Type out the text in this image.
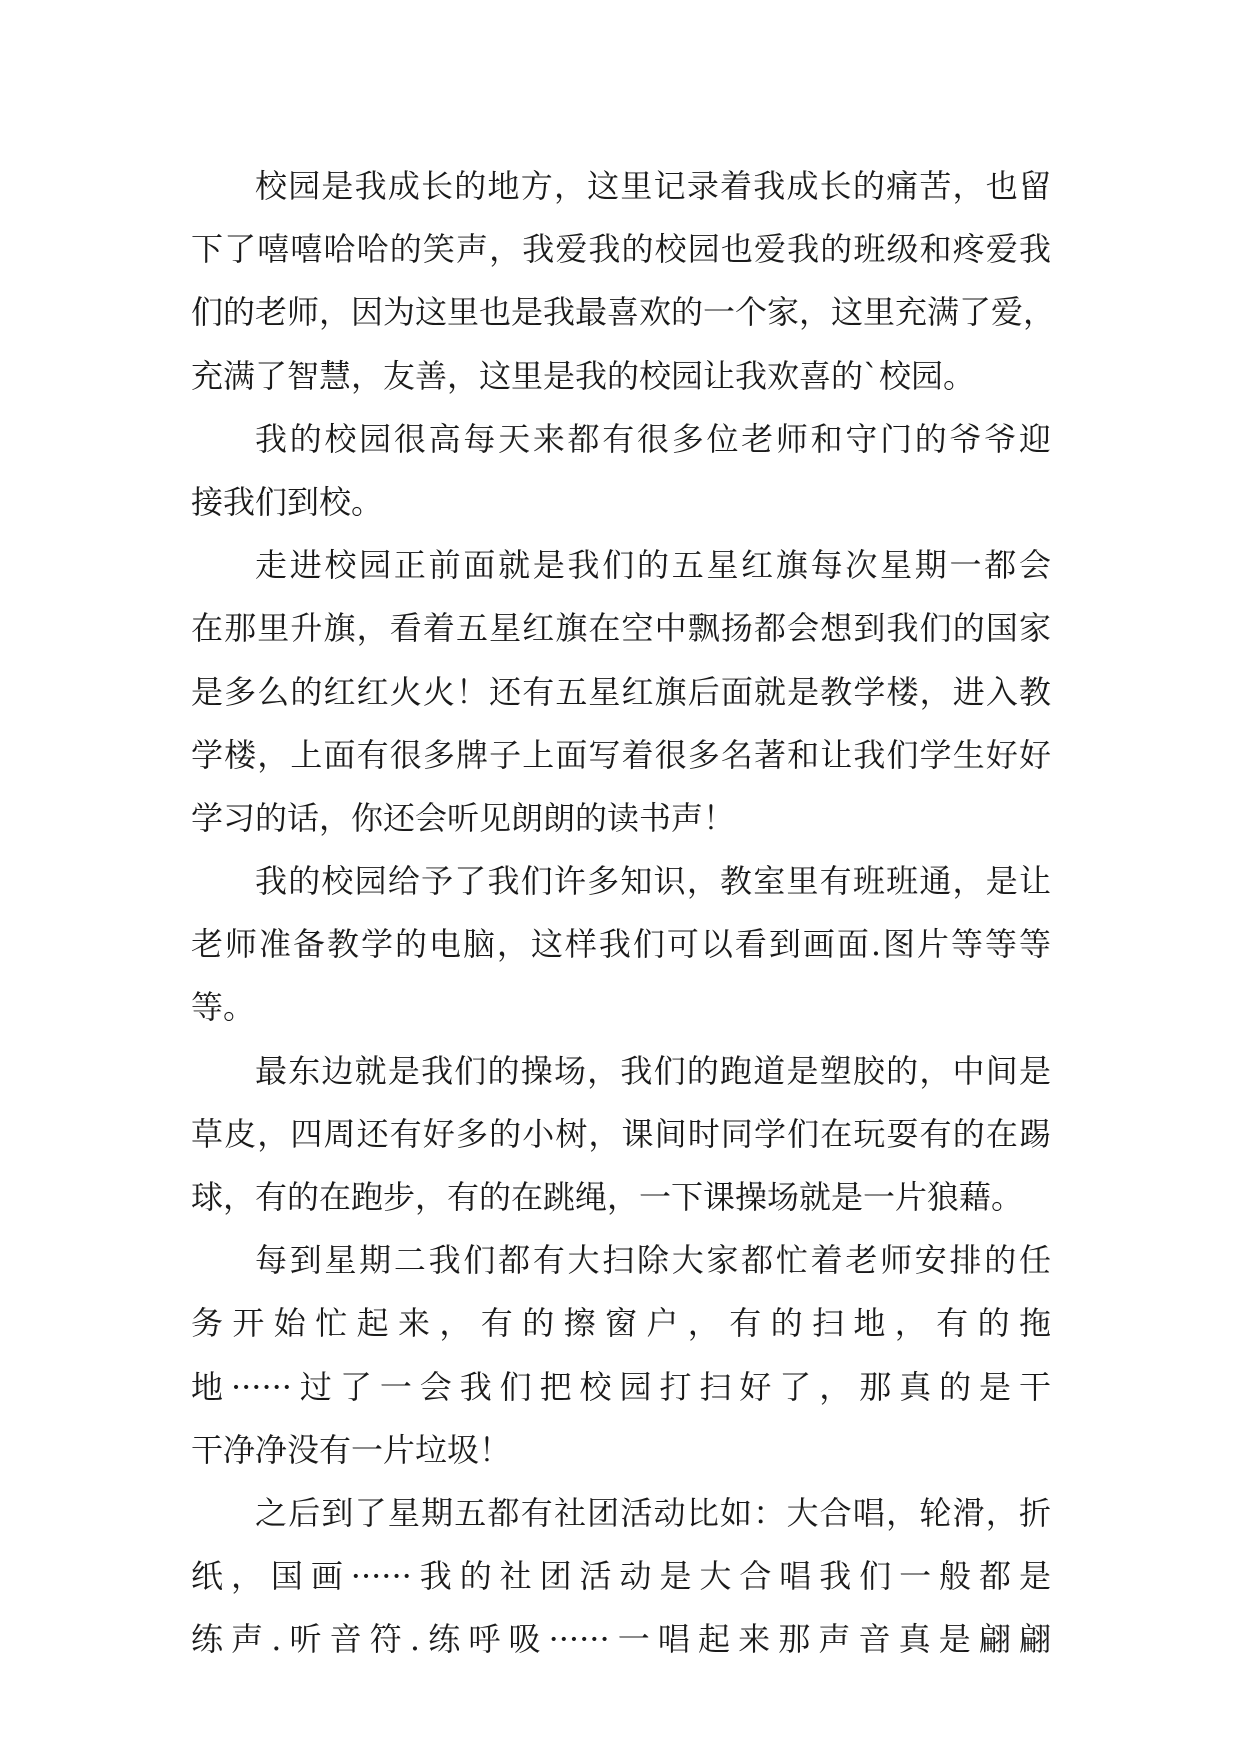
校园是我成长的地方，这里记录着我成长的痛苦，也留
下了嘻嘻哈哈的笑声，我爱我的校园也爱我的班级和疼爱我
们的老师，因为这里也是我最喜欢的一个家，这里充满了爱，
充满了智慧，友善，这里是我的校园让我欢喜的`校园。
我的校园很高每天来都有很多位老师和守门的爷爷迎
接我们到校。
走进校园正前面就是我们的五星红旗每次星期一都会
在那里升旗，看着五星红旗在空中飘扬都会想到我们的国家
是多么的红红火火！还有五星红旗后面就是教学楼，进入教
学楼，上面有很多牌子上面写着很多名著和让我们学生好好
学习的话，你还会听见朗朗的读书声！
我的校园给予了我们许多知识，教室里有班班通，是让
老师准备教学的电脑，这样我们可以看到画面.图片等等等
等。
最东边就是我们的操场，我们的跑道是塑胶的，中间是
草皮，四周还有好多的小树，课间时同学们在玩耍有的在踢
球，有的在跑步，有的在跳绳，一下课操场就是一片狼藉。
每到星期二我们都有大扫除大家都忙着老师安排的任
务开始忙起来，有的擦窗户，有的扫地，有的拖
地······过了一会我们把校园打扫好了，那真的是干
干净净没有一片垃圾！
之后到了星期五都有社团活动比如：大合唱，轮滑，折
纸，国画······我的社团活动是大合唱我们一般都是
练声.听音符.练呼吸······一唱起来那声音真是翩翩
